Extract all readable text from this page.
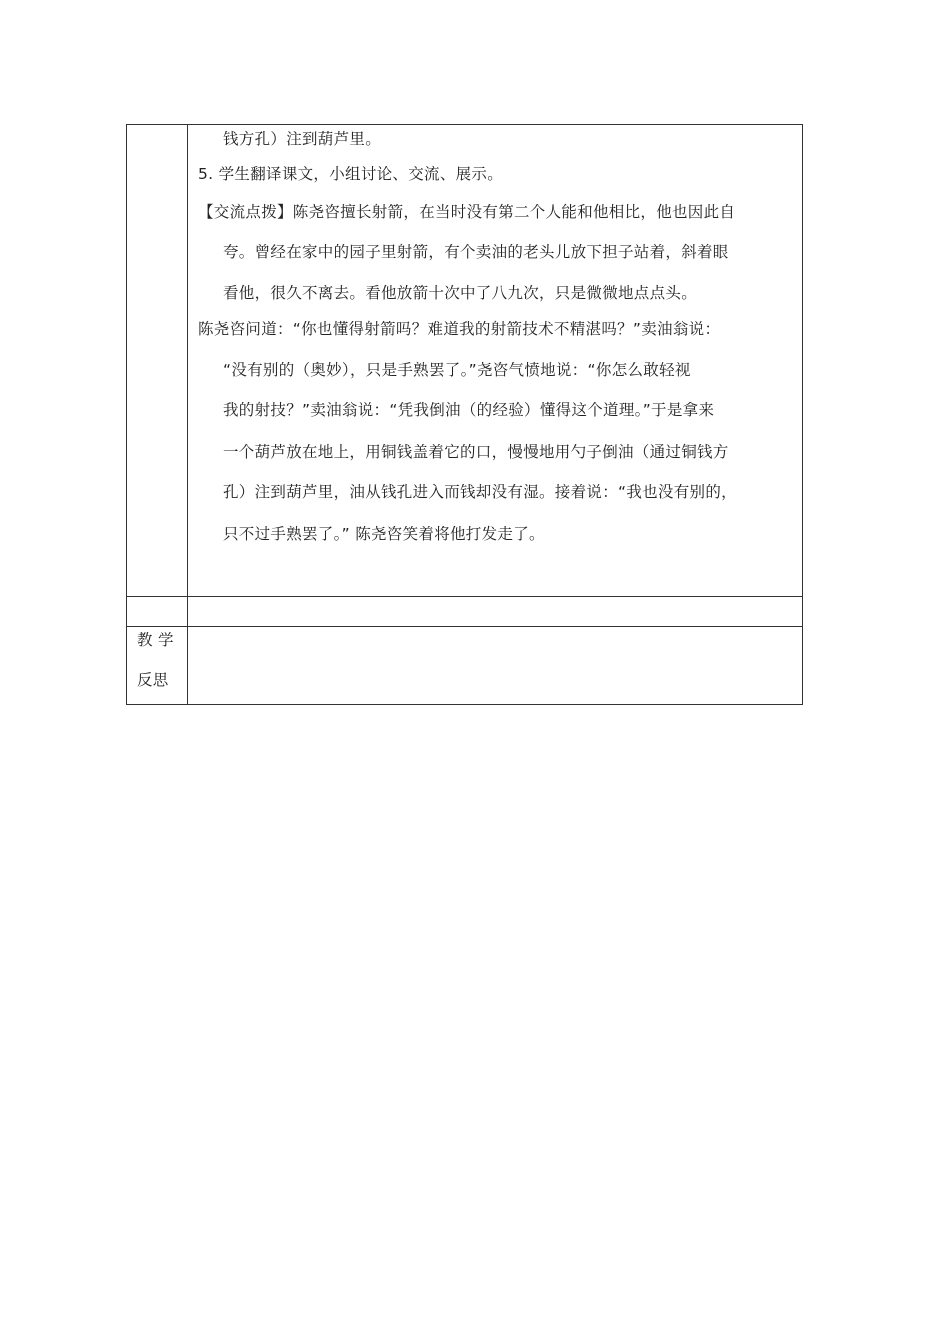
钱方孔）注到葫芦里。
5. 学生翻译课文，小组讨论、交流、展示。
【交流点拨】陈尧咨擅长射箭，在当时没有第二个人能和他相比，他也因此自
夸。曾经在家中的园子里射箭，有个卖油的老头儿放下担子站着，斜着眼
看他，很久不离去。看他放箭十次中了八九次，只是微微地点点头。
陈尧咨问道：“你也懂得射箭吗？难道我的射箭技术不精湛吗？”卖油翁说：
“没有别的（奥妙），只是手熟罢了。”尧咨气愤地说：“你怎么敢轻视
我的射技？”卖油翁说：“凭我倒油（的经验）懂得这个道理。”于是拿来
一个葫芦放在地上，用铜钱盖着它的口，慢慢地用勺子倒油（通过铜钱方
孔）注到葫芦里，油从钱孔进入而钱却没有湿。接着说：“我也没有别的，
只不过手熟罢了。” 陈尧咨笑着将他打发走了。
教 学
反思
